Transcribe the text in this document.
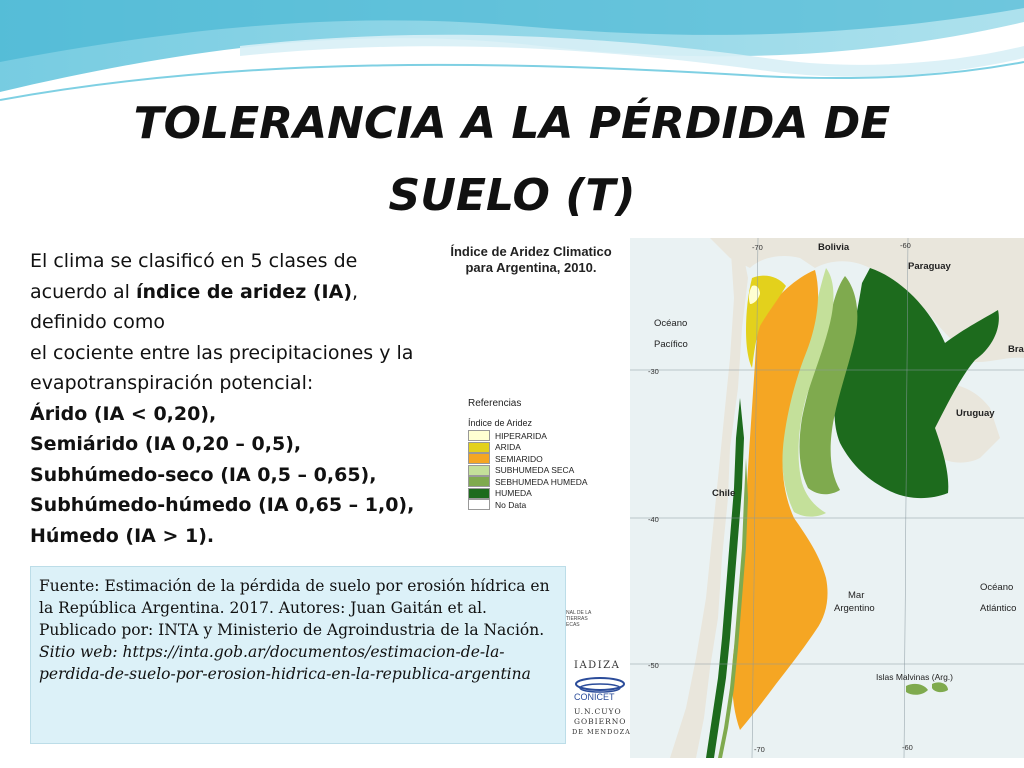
TOLERANCIA A LA PÉRDIDA DE
SUELO (T)

El clima se clasificó en 5 clases de acuerdo al índice de aridez (IA), definido como

el cociente entre las precipitaciones y la evapotranspiración potencial:

Árido (IA < 0,20),

Semiárido (IA 0,20 – 0,5),

Subhúmedo-seco (IA 0,5 – 0,65),

Subhúmedo-húmedo (IA 0,65 – 1,0),

Húmedo (IA > 1).

Índice de Aridez Climatico
para Argentina, 2010.
Referencias
Índice de Aridez
HIPERARIDA
ARIDA
SEMIARIDO
SUBHUMEDA SECA
SEBHUMEDA HUMEDA
HUMEDA
No Data
Bolivia
Paraguay
Océano
Pacífico
Uruguay
Bra
Chile
Mar
Argentino
Océano
Atlántico
Islas Malvinas (Arg.)
-70	-60
-30
-40
-50
-70	-60

Fuente: Estimación de la pérdida de suelo por erosión hídrica en la República Argentina. 2017. Autores: Juan Gaitán et al. Publicado por: INTA y Ministerio de Agroindustria de la Nación.

Sitio web: https://inta.gob.ar/documentos/estimacion-de-la-perdida-de-suelo-por-erosion-hidrica-en-la-republica-argentina

NAL DE LA
TIERRAS
ECAS
IADIZA
CONICET
U.N.CUYO
GOBIERNO
DE MENDOZA
